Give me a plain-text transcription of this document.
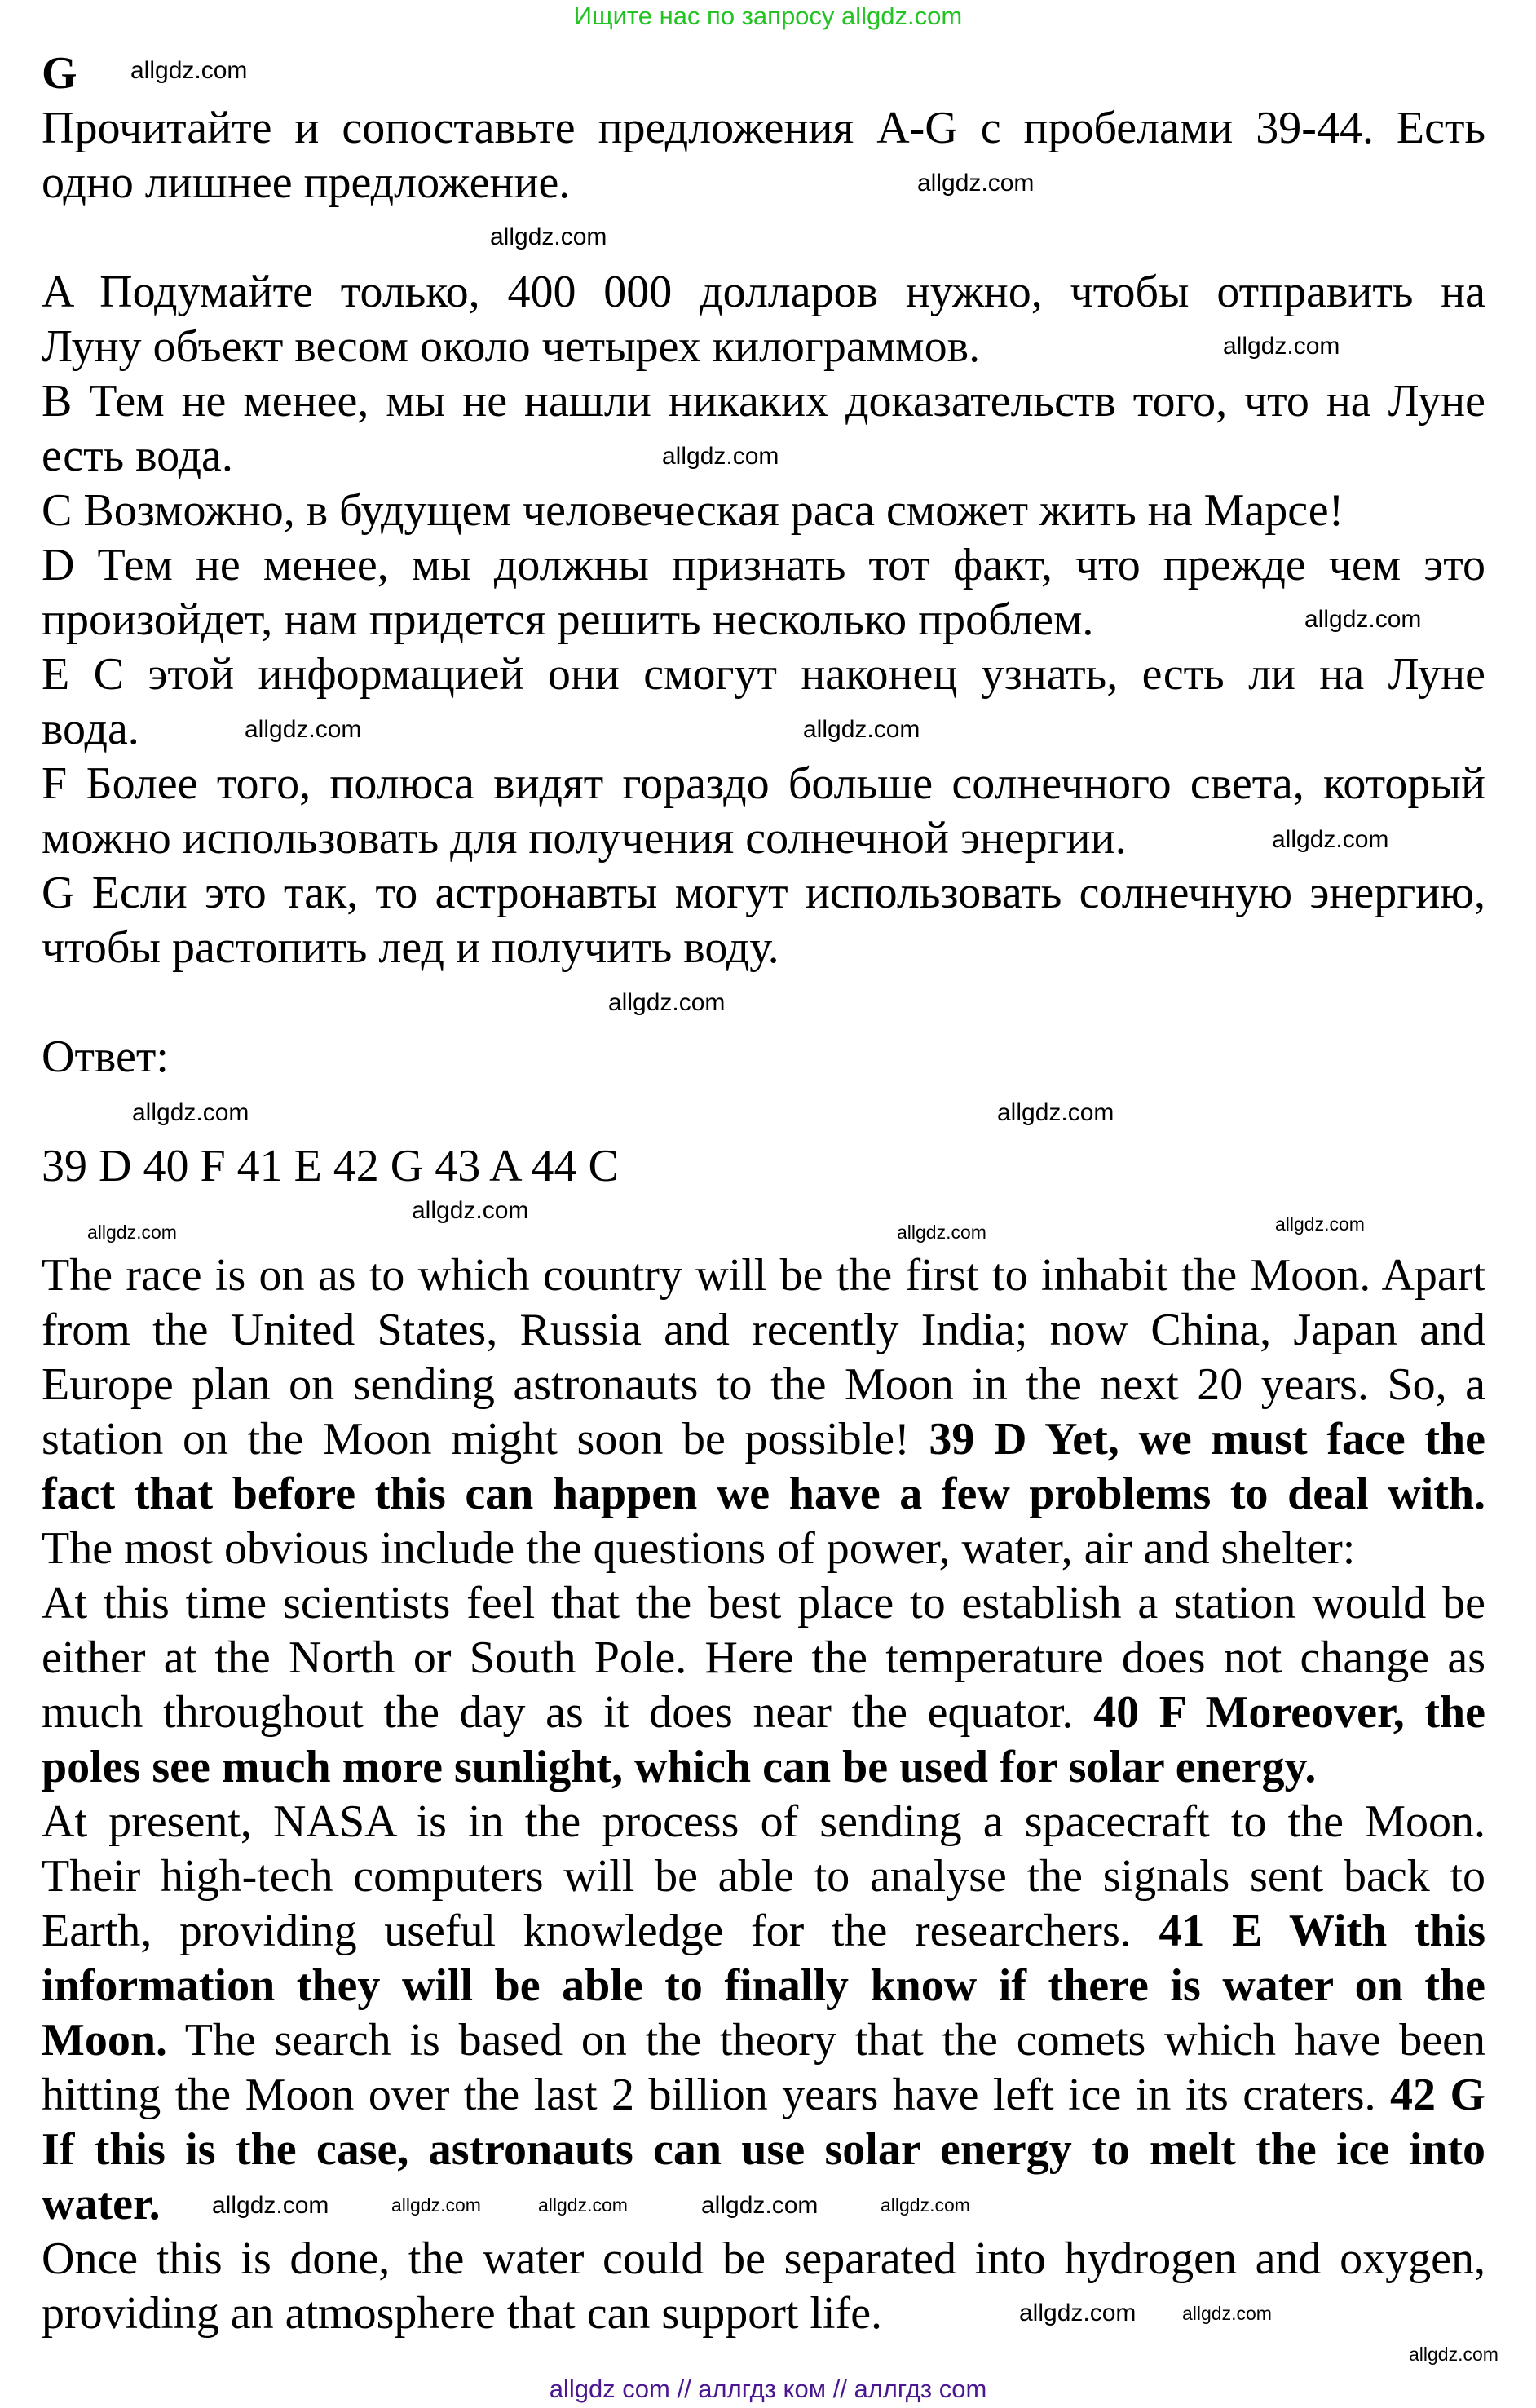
Ищите нас по запросу allgdz.com
G
Прочитайте и сопоставьте предложения A-G с пробелами 39-44. Есть
одно лишнее предложение.
A Подумайте только, 400 000 долларов нужно, чтобы отправить на
Луну объект весом около четырех килограммов.
B Тем не менее, мы не нашли никаких доказательств того, что на Луне
есть вода.
C Возможно, в будущем человеческая раса сможет жить на Марсе!
D Тем не менее, мы должны признать тот факт, что прежде чем это
произойдет, нам придется решить несколько проблем.
E С этой информацией они смогут наконец узнать, есть ли на Луне
вода.
F Более того, полюса видят гораздо больше солнечного света, который
можно использовать для получения солнечной энергии.
G Если это так, то астронавты могут использовать солнечную энергию,
чтобы растопить лед и получить воду.
Ответ:
39 D 40 F 41 E 42 G 43 A 44 C
The race is on as to which country will be the first to inhabit the Moon. Apart
from the United States, Russia and recently India; now China, Japan and
Europe plan on sending astronauts to the Moon in the next 20 years. So, a
station on the Moon might soon be possible! 39 D Yet, we must face the
fact that before this can happen we have a few problems to deal with.
The most obvious include the questions of power, water, air and shelter:
At this time scientists feel that the best place to establish a station would be
either at the North or South Pole. Here the temperature does not change as
much throughout the day as it does near the equator. 40 F Moreover, the
poles see much more sunlight, which can be used for solar energy.
At present, NASA is in the process of sending a spacecraft to the Moon.
Their high-tech computers will be able to analyse the signals sent back to
Earth, providing useful knowledge for the researchers. 41 E With this
information they will be able to finally know if there is water on the
Moon. The search is based on the theory that the comets which have been
hitting the Moon over the last 2 billion years have left ice in its craters. 42 G
If this is the case, astronauts can use solar energy to melt the ice into
water.
Once this is done, the water could be separated into hydrogen and oxygen,
providing an atmosphere that can support life.
allgdz.com
allgdz.com
allgdz.com
allgdz.com
allgdz.com
allgdz.com
allgdz.com	allgdz.com
allgdz.com
allgdz.com
allgdz.com	allgdz.com
allgdz.com	allgdz.com
allgdz.com	allgdz.com
allgdz.com
allgdz.com	allgdz.com
allgdz.com allgdz.com
allgdz.com	allgdz.com
allgdz.com
allgdz com // аллгдз ком // аллгдз com
